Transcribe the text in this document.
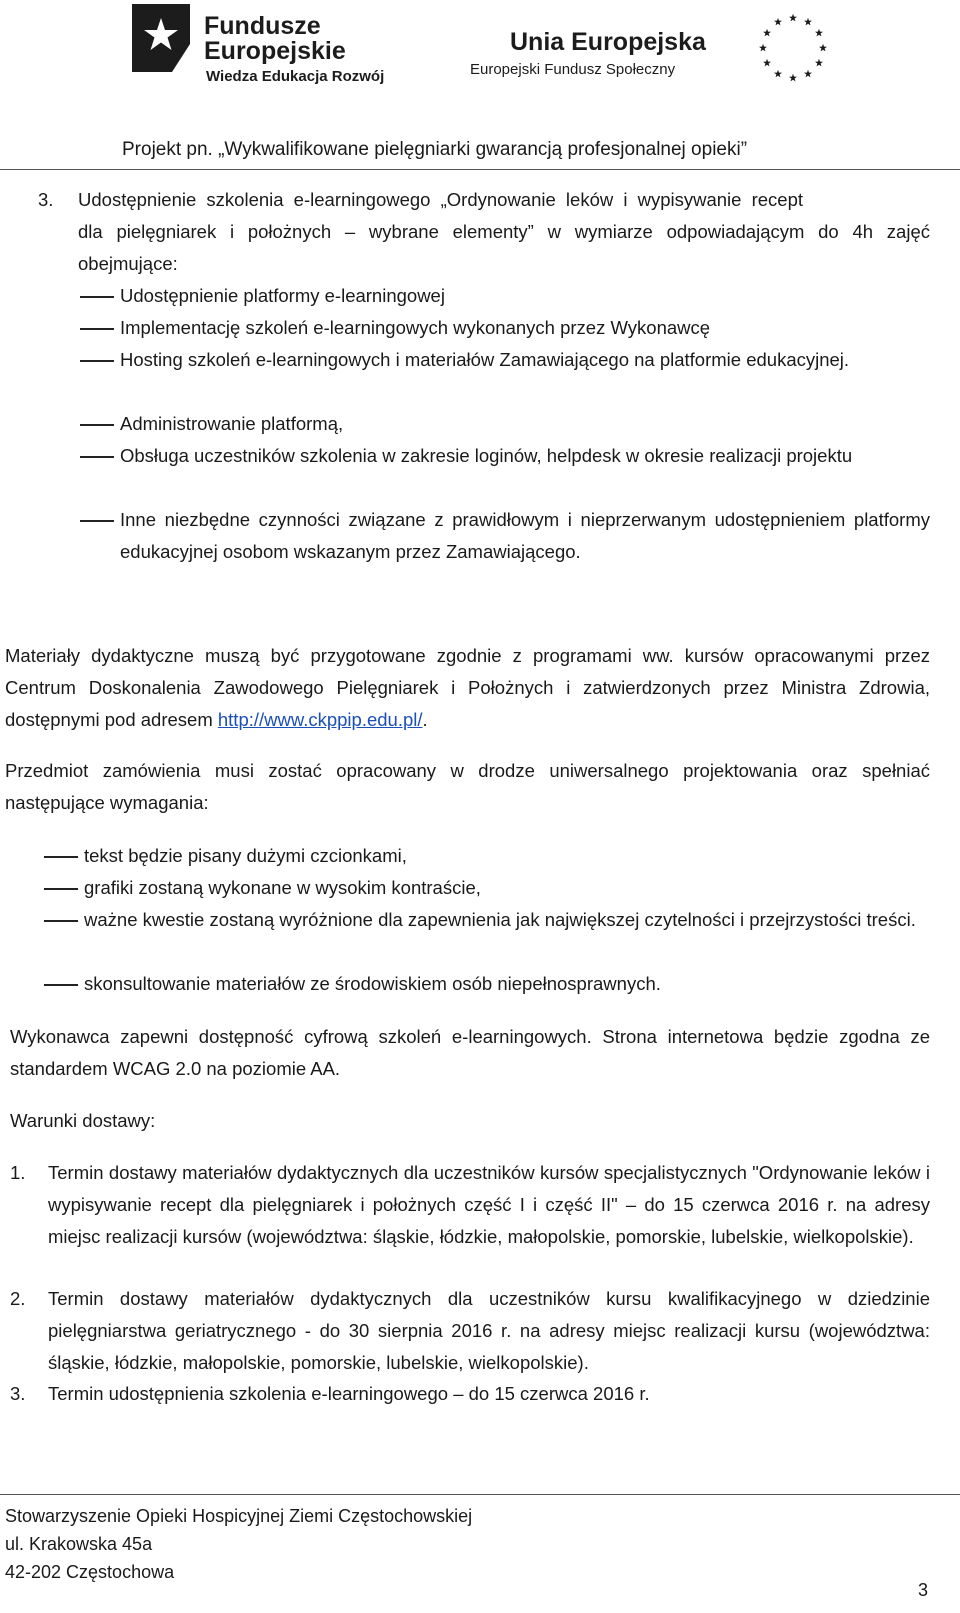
Fundusze
Europejskie
Wiedza Edukacja Rozwój
Unia Europejska
Europejski Fundusz Społeczny
Projekt pn. „Wykwalifikowane pielęgniarki gwarancją profesjonalnej opieki”
3. Udostępnienie szkolenia e-learningowego „Ordynowanie leków i wypisywanie recept
dla pielęgniarek i położnych – wybrane elementy” w wymiarze odpowiadającym do 4h zajęć obejmujące:
Udostępnienie platformy e-learningowej
Implementację szkoleń e-learningowych wykonanych przez Wykonawcę
Hosting szkoleń e-learningowych i materiałów Zamawiającego na platformie edukacyjnej.
Administrowanie platformą,
Obsługa uczestników szkolenia w zakresie loginów, helpdesk w okresie realizacji projektu
Inne niezbędne czynności związane z prawidłowym i nieprzerwanym udostępnieniem platformy edukacyjnej osobom wskazanym przez Zamawiającego.
Materiały dydaktyczne muszą być przygotowane zgodnie z programami ww. kursów opracowanymi przez Centrum Doskonalenia Zawodowego Pielęgniarek i Położnych i zatwierdzonych przez Ministra Zdrowia, dostępnymi pod adresem http://www.ckppip.edu.pl/.
Przedmiot zamówienia musi zostać opracowany w drodze uniwersalnego projektowania oraz spełniać następujące wymagania:
tekst będzie pisany dużymi czcionkami,
grafiki zostaną wykonane w wysokim kontraście,
ważne kwestie zostaną wyróżnione dla zapewnienia jak największej czytelności i przejrzystości treści.
skonsultowanie materiałów ze środowiskiem osób niepełnosprawnych.
Wykonawca zapewni dostępność cyfrową szkoleń e-learningowych. Strona internetowa będzie zgodna ze standardem WCAG 2.0 na poziomie AA.
Warunki dostawy:
1. Termin dostawy materiałów dydaktycznych dla uczestników kursów specjalistycznych "Ordynowanie leków i wypisywanie recept dla pielęgniarek i położnych część I i część II" – do 15 czerwca 2016 r. na adresy miejsc realizacji kursów (województwa: śląskie, łódzkie, małopolskie, pomorskie, lubelskie, wielkopolskie).
2. Termin dostawy materiałów dydaktycznych dla uczestników kursu kwalifikacyjnego w dziedzinie pielęgniarstwa geriatrycznego - do 30 sierpnia 2016 r. na adresy miejsc realizacji kursu (województwa: śląskie, łódzkie, małopolskie, pomorskie, lubelskie, wielkopolskie).
3. Termin udostępnienia szkolenia e-learningowego – do 15 czerwca 2016 r.
Stowarzyszenie Opieki Hospicyjnej Ziemi Częstochowskiej
ul. Krakowska 45a
42-202 Częstochowa
3
